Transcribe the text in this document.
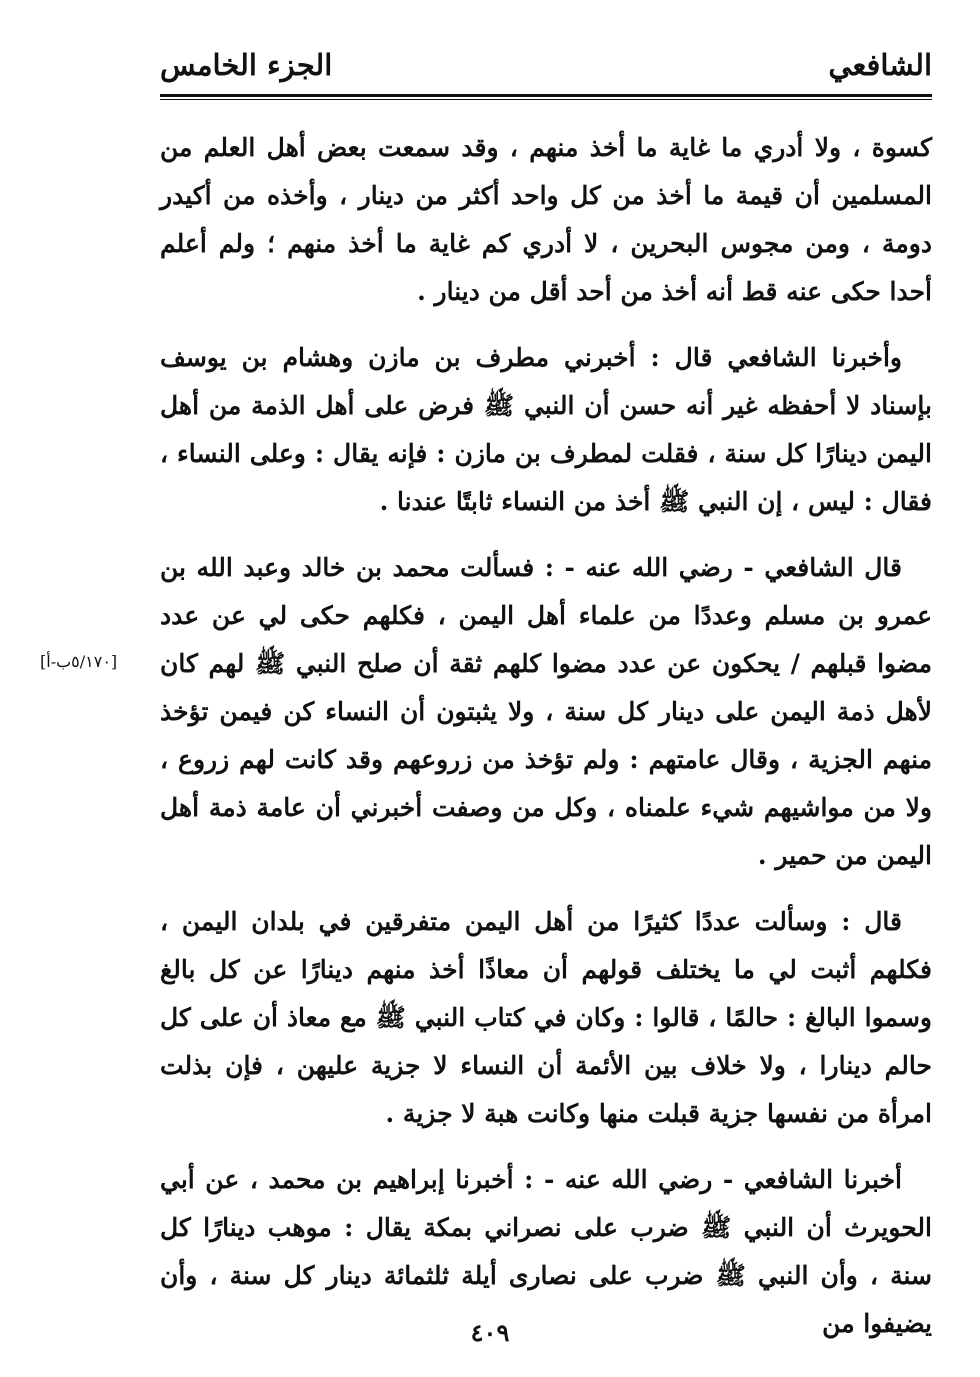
الشافعي
الجزء الخامس
[٥/١٧٠ب-أ]

كسوة ، ولا أدري ما غاية ما أخذ منهم ، وقد سمعت بعض أهل العلم من المسلمين أن قيمة ما أخذ من كل واحد أكثر من دينار ، وأخذه من أكيدر دومة ، ومن مجوس البحرين ، لا أدري كم غاية ما أخذ منهم ؛ ولم أعلم أحدا حكى عنه قط أنه أخذ من أحد أقل من دينار .

وأخبرنا الشافعي قال : أخبرني مطرف بن مازن وهشام بن يوسف بإسناد لا أحفظه غير أنه حسن أن النبي ﷺ فرض على أهل الذمة من أهل اليمن دينارًا كل سنة ، فقلت لمطرف بن مازن : فإنه يقال : وعلى النساء ، فقال : ليس ، إن النبي ﷺ أخذ من النساء ثابتًا عندنا .

قال الشافعي - رضي الله عنه - : فسألت محمد بن خالد وعبد الله بن عمرو بن مسلم وعددًا من علماء أهل اليمن ، فكلهم حكى لي عن عدد مضوا قبلهم / يحكون عن عدد مضوا كلهم ثقة أن صلح النبي ﷺ لهم كان لأهل ذمة اليمن على دينار كل سنة ، ولا يثبتون أن النساء كن فيمن تؤخذ منهم الجزية ، وقال عامتهم : ولم تؤخذ من زروعهم وقد كانت لهم زروع ، ولا من مواشيهم شيء علمناه ، وكل من وصفت أخبرني أن عامة ذمة أهل اليمن من حمير .

قال : وسألت عددًا كثيرًا من أهل اليمن متفرقين في بلدان اليمن ، فكلهم أثبت لي ما يختلف قولهم أن معاذًا أخذ منهم دينارًا عن كل بالغ وسموا البالغ : حالمًا ، قالوا : وكان في كتاب النبي ﷺ مع معاذ أن على كل حالم دينارا ، ولا خلاف بين الأئمة أن النساء لا جزية عليهن ، فإن بذلت امرأة من نفسها جزية قبلت منها وكانت هبة لا جزية .

أخبرنا الشافعي - رضي الله عنه - : أخبرنا إبراهيم بن محمد ، عن أبي الحويرث أن النبي ﷺ ضرب على نصراني بمكة يقال : موهب دينارًا كل سنة ، وأن النبي ﷺ ضرب على نصارى أيلة ثلثمائة دينار كل سنة ، وأن يضيفوا من

٤٠٩
